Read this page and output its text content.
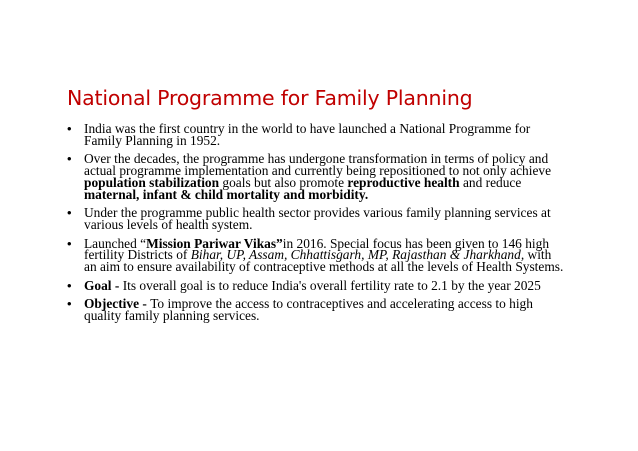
National Programme for Family Planning
• India was the first country in the world to have launched a National Programme for Family Planning in 1952.
• Over the decades, the programme has undergone transformation in terms of policy and actual programme implementation and currently being repositioned to not only achieve population stabilization goals but also promote reproductive health and reduce maternal, infant & child mortality and morbidity.
• Under the programme public health sector provides various family planning services at various levels of health system.
• Launched “Mission Pariwar Vikas”in 2016. Special focus has been given to 146 high fertility Districts of Bihar, UP, Assam, Chhattisgarh, MP, Rajasthan & Jharkhand, with an aim to ensure availability of contraceptive methods at all the levels of Health Systems.
• Goal - Its overall goal is to reduce India's overall fertility rate to 2.1 by the year 2025
• Objective - To improve the access to contraceptives and accelerating access to high quality family planning services.
